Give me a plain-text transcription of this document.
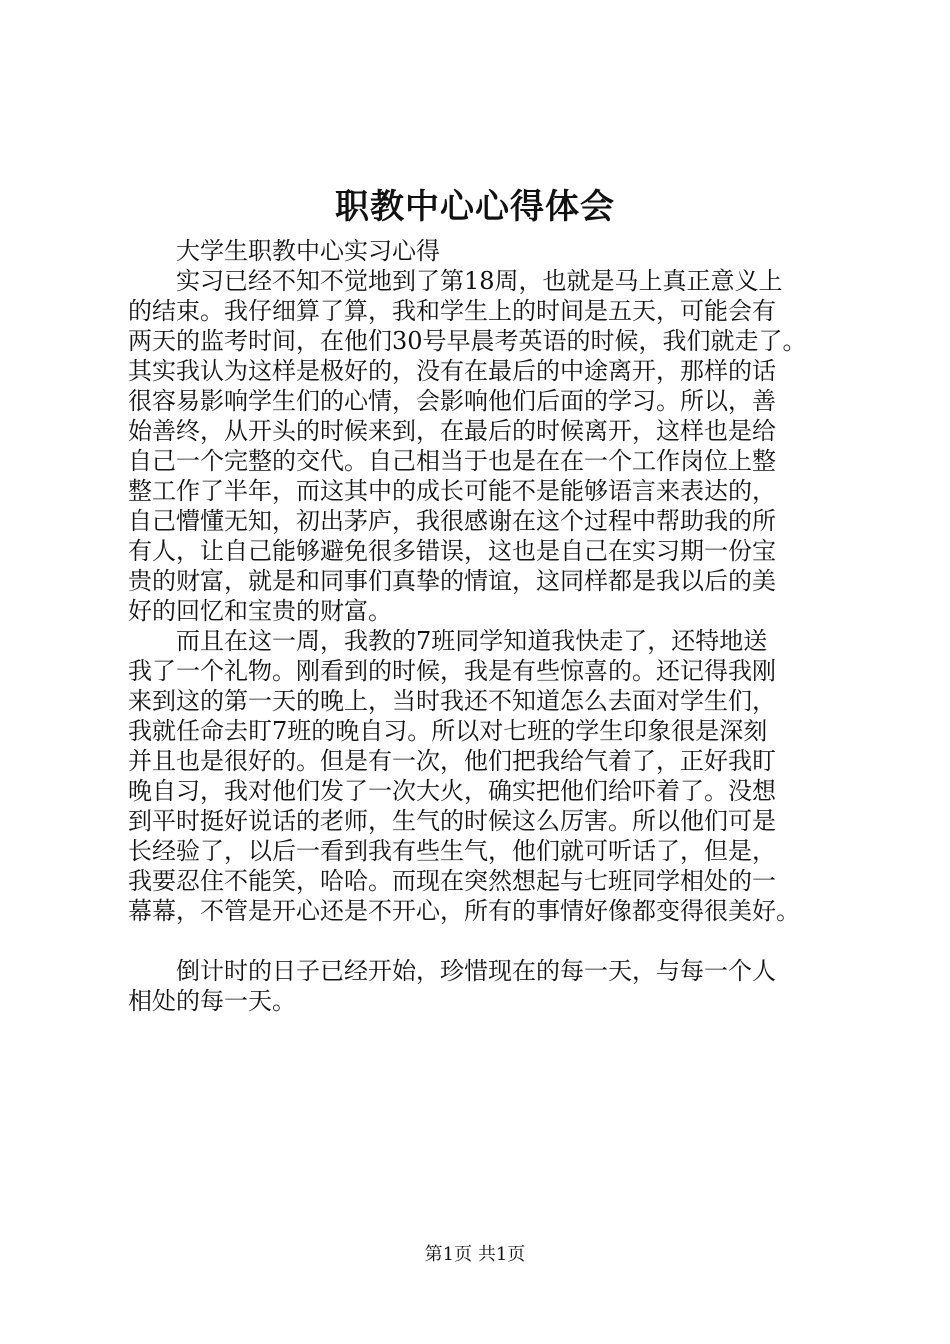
职教中心心得体会
大学生职教中心实习心得
　　实习已经不知不觉地到了第18周，也就是马上真正意义上
的结束。我仔细算了算，我和学生上的时间是五天，可能会有
两天的监考时间，在他们30号早晨考英语的时候，我们就走了。
其实我认为这样是极好的，没有在最后的中途离开，那样的话
很容易影响学生们的心情，会影响他们后面的学习。所以，善
始善终，从开头的时候来到，在最后的时候离开，这样也是给
自己一个完整的交代。自己相当于也是在在一个工作岗位上整
整工作了半年，而这其中的成长可能不是能够语言来表达的，
自己懵懂无知，初出茅庐，我很感谢在这个过程中帮助我的所
有人，让自己能够避免很多错误，这也是自己在实习期一份宝
贵的财富，就是和同事们真挚的情谊，这同样都是我以后的美
好的回忆和宝贵的财富。
　　而且在这一周，我教的7班同学知道我快走了，还特地送
我了一个礼物。刚看到的时候，我是有些惊喜的。还记得我刚
来到这的第一天的晚上，当时我还不知道怎么去面对学生们，
我就任命去盯7班的晚自习。所以对七班的学生印象很是深刻
并且也是很好的。但是有一次，他们把我给气着了，正好我盯
晚自习，我对他们发了一次大火，确实把他们给吓着了。没想
到平时挺好说话的老师，生气的时候这么厉害。所以他们可是
长经验了，以后一看到我有些生气，他们就可听话了，但是，
我要忍住不能笑，哈哈。而现在突然想起与七班同学相处的一
幕幕，不管是开心还是不开心，所有的事情好像都变得很美好。
　　倒计时的日子已经开始，珍惜现在的每一天，与每一个人
相处的每一天。
第1页 共1页
